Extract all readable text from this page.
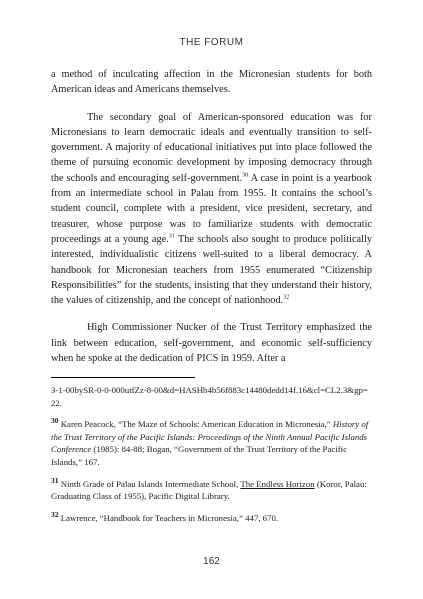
THE FORUM

a method of inculcating affection in the Micronesian students for both American ideas and Americans themselves.

The secondary goal of American-sponsored education was for Micronesians to learn democratic ideals and eventually transition to self-government. A majority of educational initiatives put into place followed the theme of pursuing economic development by imposing democracy through the schools and encouraging self-government.$^{30}$ A case in point is a yearbook from an intermediate school in Palau from 1955. It contains the school’s student council, complete with a president, vice president, secretary, and treasurer, whose purpose was to familiarize students with democratic proceedings at a young age.$^{31}$ The schools also sought to produce politically interested, individualistic citizens well-suited to a liberal democracy. A handbook for Micronesian teachers from 1955 enumerated “Citizenship Responsibilities” for the students, insisting that they understand their history, the values of citizenship, and the concept of nationhood.$^{32}$

High Commissioner Nucker of the Trust Territory emphasized the link between education, self-government, and economic self-sufficiency when he spoke at the dedication of PICS in 1959. After a

3-1-00bySR-0-0-000utfZz-8-00&d=HASHb4b56f883c14480dedd14f.16&cl=CL2.3&gp=22.
30 Karen Peacock, “The Maze of Schools: American Education in Micronesia,” History of the Trust Territory of the Pacific Islands: Proceedings of the Ninth Annual Pacific Islands Conference (1985): 84-88; Bogan, “Government of the Trust Territory of the Pacific Islands,” 167.
31 Ninth Grade of Palau Islands Intermediate School, The Endless Horizon (Koror, Palau: Graduating Class of 1955), Pacific Digital Library.
32 Lawrence, “Handbook for Teachers in Micronesia,” 447, 670.
162
